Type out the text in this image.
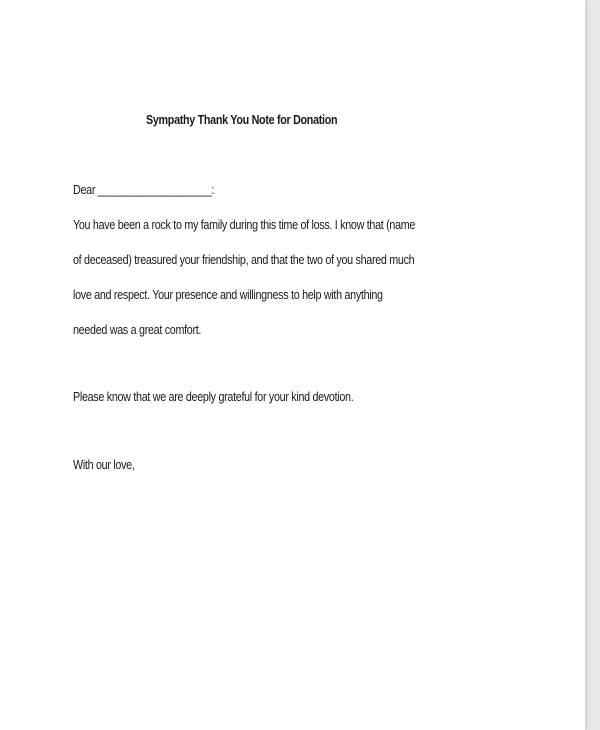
Sympathy Thank You Note for Donation
Dear ____________________:
You have been a rock to my family during this time of loss. I know that (name
of deceased) treasured your friendship, and that the two of you shared much
love and respect. Your presence and willingness to help with anything
needed was a great comfort.
Please know that we are deeply grateful for your kind devotion.
With our love,
